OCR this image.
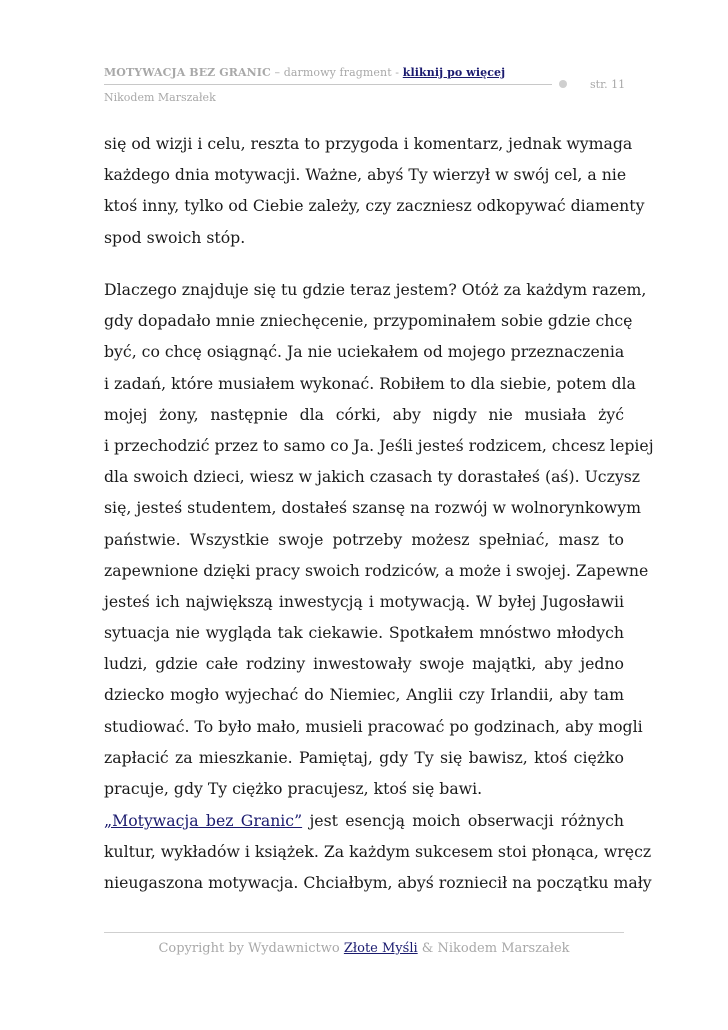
MOTYWACJA BEZ GRANIC – darmowy fragment - kliknij po więcej
str. 11
Nikodem Marszałek
się od wizji i celu, reszta to przygoda i komentarz, jednak wymaga
każdego dnia motywacji. Ważne, abyś Ty wierzył w swój cel, a nie
ktoś inny, tylko od Ciebie zależy, czy zaczniesz odkopywać diamenty
spod swoich stóp.
Dlaczego znajduje się tu gdzie teraz jestem? Otóż za każdym razem,
gdy dopadało mnie zniechęcenie, przypominałem sobie gdzie chcę
być, co chcę osiągnąć. Ja nie uciekałem od mojego przeznaczenia
i zadań, które musiałem wykonać. Robiłem to dla siebie, potem dla
mojej żony, następnie dla córki, aby nigdy nie musiała żyć
i przechodzić przez to samo co Ja. Jeśli jesteś rodzicem, chcesz lepiej
dla swoich dzieci, wiesz w jakich czasach ty dorastałeś (aś). Uczysz
się, jesteś studentem, dostałeś szansę na rozwój w wolnorynkowym
państwie. Wszystkie swoje potrzeby możesz spełniać, masz to
zapewnione dzięki pracy swoich rodziców, a może i swojej. Zapewne
jesteś ich największą inwestycją i motywacją. W byłej Jugosławii
sytuacja nie wygląda tak ciekawie. Spotkałem mnóstwo młodych
ludzi, gdzie całe rodziny inwestowały swoje majątki, aby jedno
dziecko mogło wyjechać do Niemiec, Anglii czy Irlandii, aby tam
studiować. To było mało, musieli pracować po godzinach, aby mogli
zapłacić za mieszkanie. Pamiętaj, gdy Ty się bawisz, ktoś ciężko
pracuje, gdy Ty ciężko pracujesz, ktoś się bawi.
„Motywacja bez Granic” jest esencją moich obserwacji różnych
kultur, wykładów i książek. Za każdym sukcesem stoi płonąca, wręcz
nieugaszona motywacja. Chciałbym, abyś rozniecił na początku mały
Copyright by Wydawnictwo Złote Myśli & Nikodem Marszałek
